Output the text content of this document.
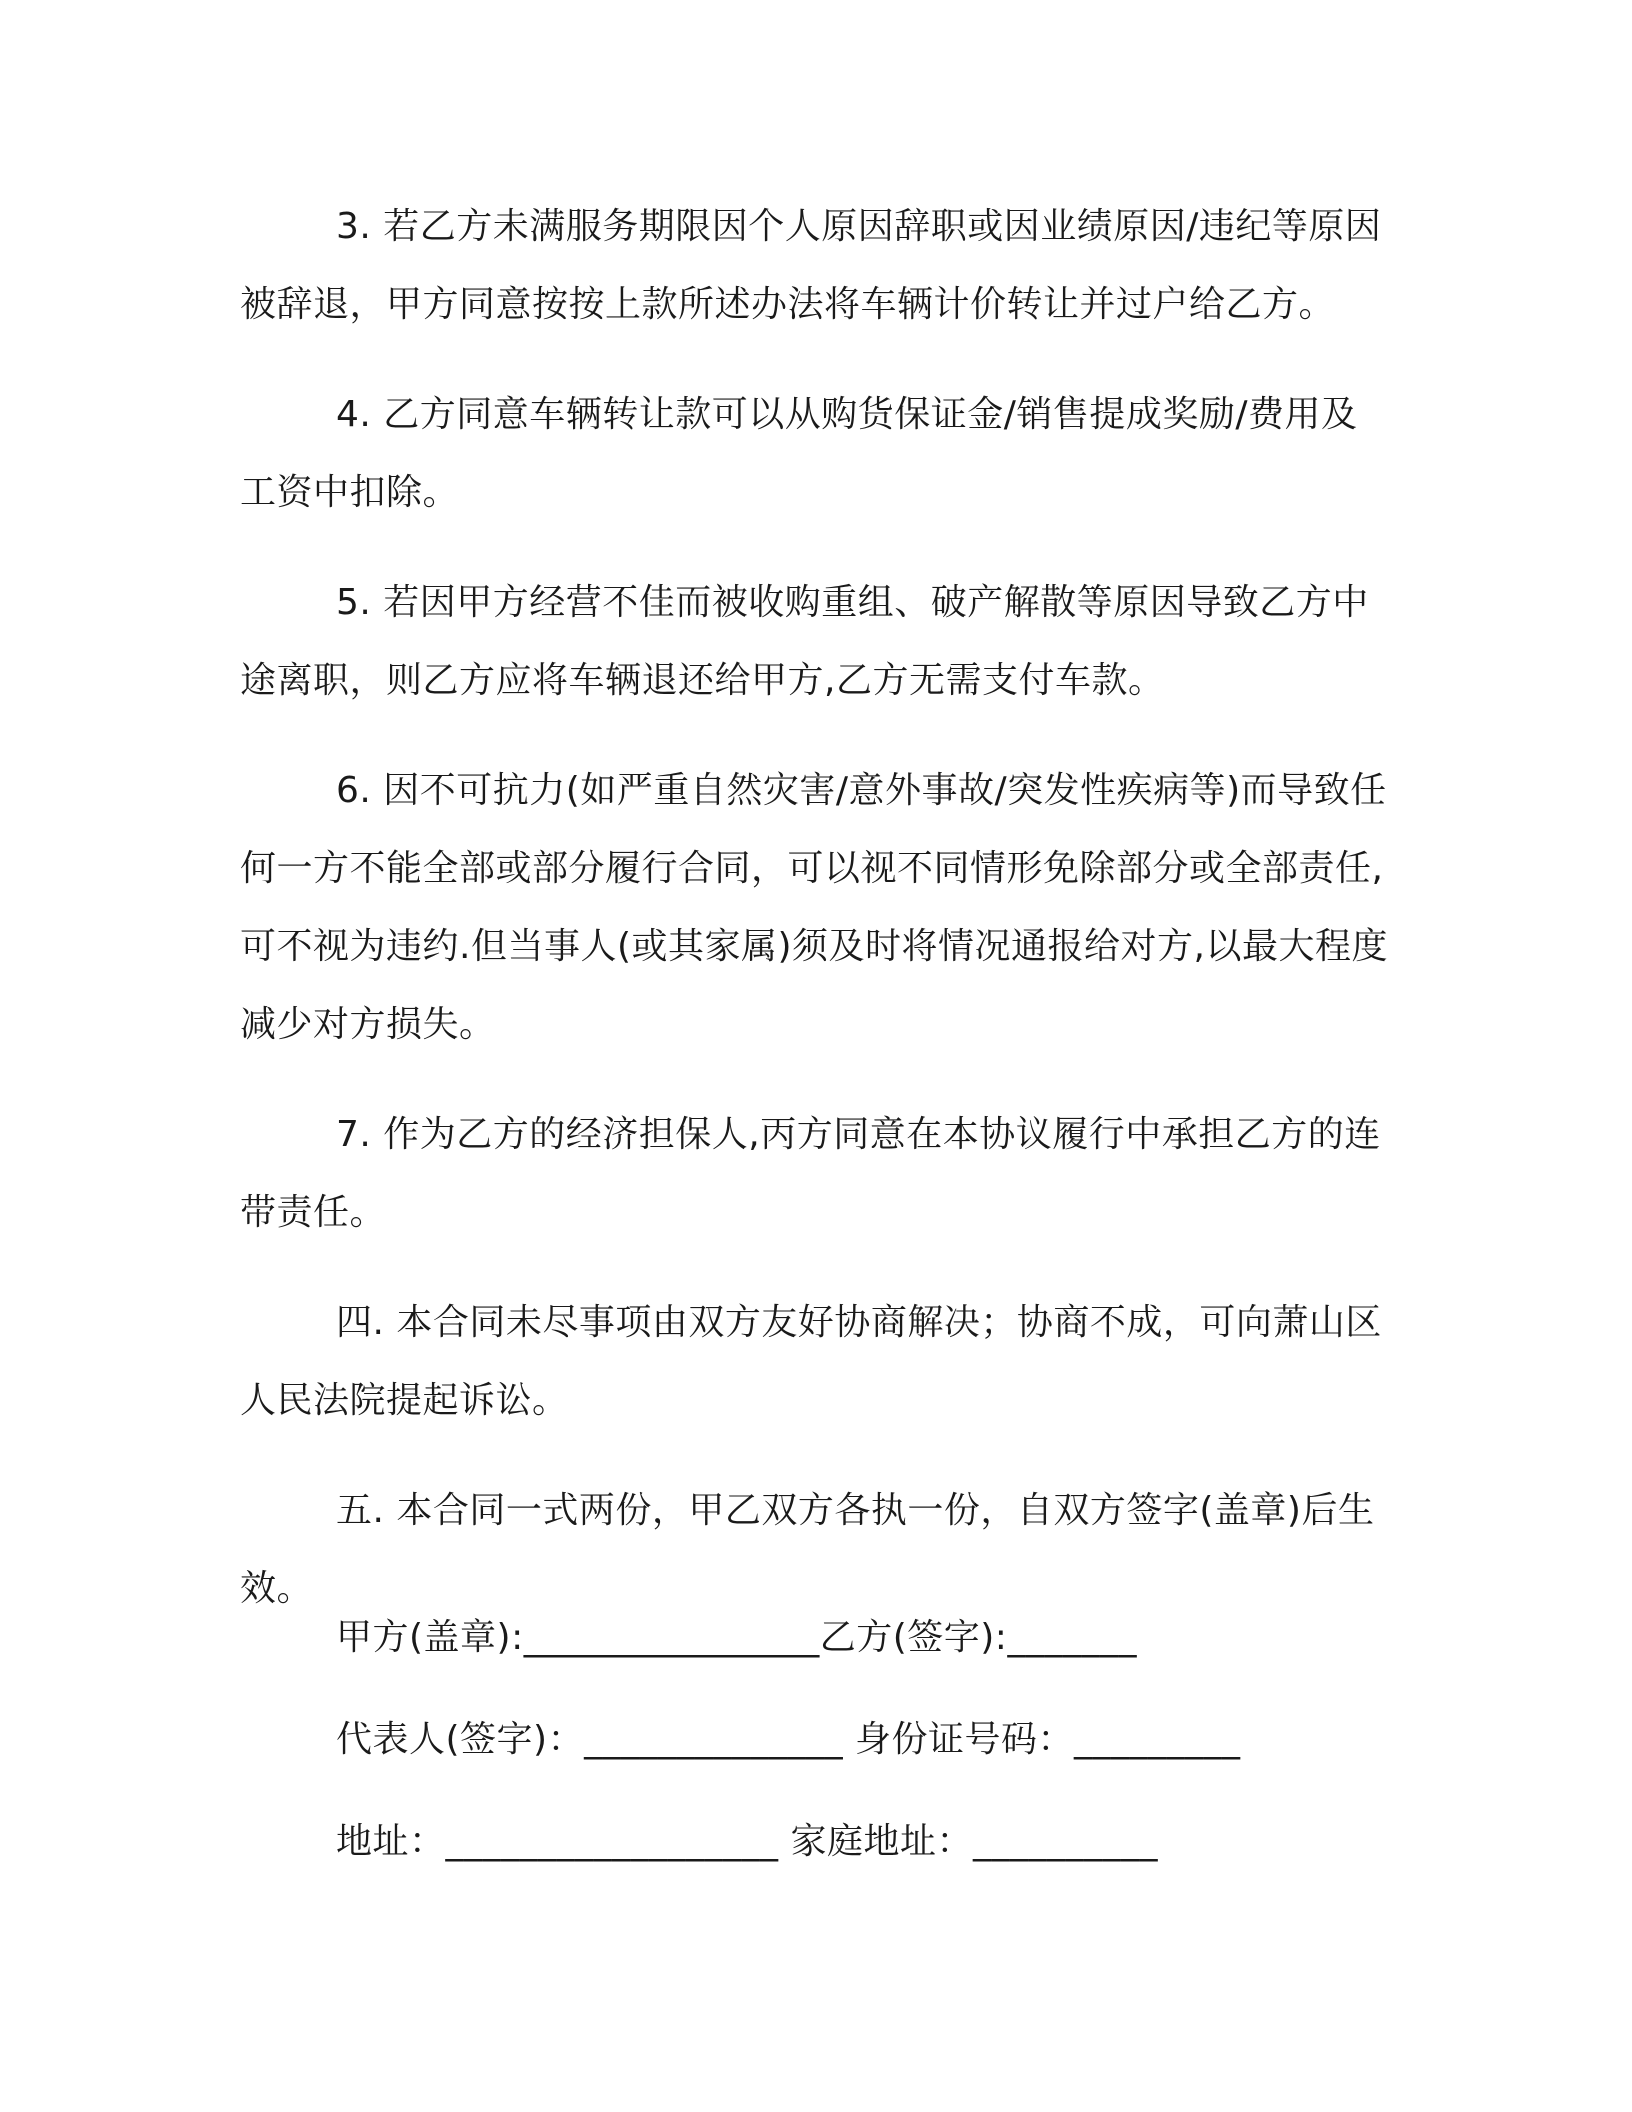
3. 若乙方未满服务期限因个人原因辞职或因业绩原因/违纪等原因被辞退，甲方同意按按上款所述办法将车辆计价转让并过户给乙方。

4. 乙方同意车辆转让款可以从购货保证金/销售提成奖励/费用及工资中扣除。

5. 若因甲方经营不佳而被收购重组、破产解散等原因导致乙方中途离职，则乙方应将车辆退还给甲方,乙方无需支付车款。

6. 因不可抗力(如严重自然灾害/意外事故/突发性疾病等)而导致任何一方不能全部或部分履行合同，可以视不同情形免除部分或全部责任,可不视为违约.但当事人(或其家属)须及时将情况通报给对方,以最大程度减少对方损失。

7. 作为乙方的经济担保人,丙方同意在本协议履行中承担乙方的连带责任。

四. 本合同未尽事项由双方友好协商解决；协商不成，可向萧山区人民法院提起诉讼。

五. 本合同一式两份，甲乙双方各执一份，自双方签字(盖章)后生效。

甲方(盖章):________________乙方(签字):_______
代表人(签字)：______________ 身份证号码：_________
地址：__________________ 家庭地址：__________
